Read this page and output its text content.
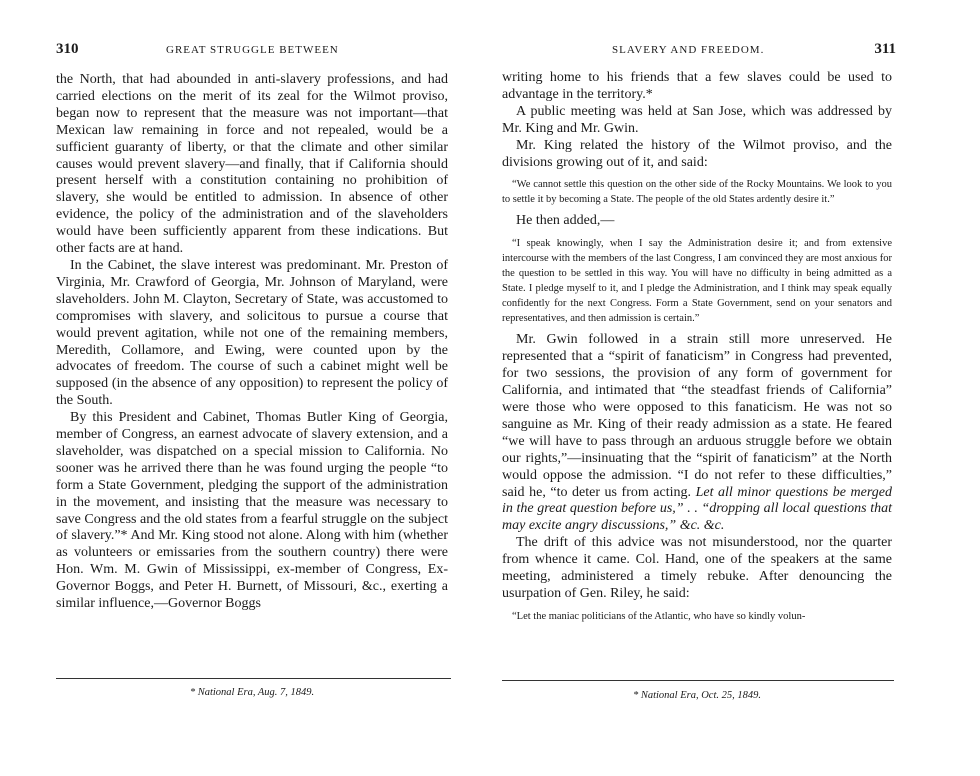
310	GREAT STRUGGLE BETWEEN

the North, that had abounded in anti-slavery professions, and had carried elections on the merit of its zeal for the Wilmot proviso, began now to represent that the measure was not important—that Mexican law remaining in force and not repealed, would be a sufficient guaranty of liberty, or that the climate and other similar causes would prevent slavery—and finally, that if California should present herself with a constitution containing no prohibition of slavery, she would be entitled to admission. In absence of other evidence, the policy of the administration and of the slaveholders would have been sufficiently apparent from these indications. But other facts are at hand.

In the Cabinet, the slave interest was predominant. Mr. Preston of Virginia, Mr. Crawford of Georgia, Mr. Johnson of Maryland, were slaveholders. John M. Clayton, Secretary of State, was accustomed to compromises with slavery, and solicitous to pursue a course that would prevent agitation, while not one of the remaining members, Meredith, Collamore, and Ewing, were counted upon by the advocates of freedom. The course of such a cabinet might well be supposed (in the absence of any opposition) to represent the policy of the South.

By this President and Cabinet, Thomas Butler King of Georgia, member of Congress, an earnest advocate of slavery extension, and a slaveholder, was dispatched on a special mission to California. No sooner was he arrived there than he was found urging the people “to form a State Government, pledging the support of the administration in the movement, and insisting that the measure was necessary to save Congress and the old states from a fearful struggle on the subject of slavery.”* And Mr. King stood not alone. Along with him (whether as volunteers or emissaries from the southern country) there were Hon. Wm. M. Gwin of Mississippi, ex-member of Congress, Ex-Governor Boggs, and Peter H. Burnett, of Missouri, &c., exerting a similar influence,—Governor Boggs

* National Era, Aug. 7, 1849.
SLAVERY AND FREEDOM.	311

writing home to his friends that a few slaves could be used to advantage in the territory.*

A public meeting was held at San Jose, which was addressed by Mr. King and Mr. Gwin.

Mr. King related the history of the Wilmot proviso, and the divisions growing out of it, and said:

“We cannot settle this question on the other side of the Rocky Mountains. We look to you to settle it by becoming a State. The people of the old States ardently desire it.”

He then added,—

“I speak knowingly, when I say the Administration desire it; and from extensive intercourse with the members of the last Congress, I am convinced they are most anxious for the question to be settled in this way. You will have no difficulty in being admitted as a State. I pledge myself to it, and I pledge the Administration, and I think may speak equally confidently for the next Congress. Form a State Government, send on your senators and representatives, and then admission is certain.”

Mr. Gwin followed in a strain still more unreserved. He represented that a “spirit of fanaticism” in Congress had prevented, for two sessions, the provision of any form of government for California, and intimated that “the steadfast friends of California” were those who were opposed to this fanaticism. He was not so sanguine as Mr. King of their ready admission as a state. He feared “we will have to pass through an arduous struggle before we obtain our rights,”—insinuating that the “spirit of fanaticism” at the North would oppose the admission. “I do not refer to these difficulties,” said he, “to deter us from acting. Let all minor questions be merged in the great question before us,” . . “dropping all local questions that may excite angry discussions,” &c. &c.

The drift of this advice was not misunderstood, nor the quarter from whence it came. Col. Hand, one of the speakers at the same meeting, administered a timely rebuke. After denouncing the usurpation of Gen. Riley, he said:

“Let the maniac politicians of the Atlantic, who have so kindly volun-

* National Era, Oct. 25, 1849.
